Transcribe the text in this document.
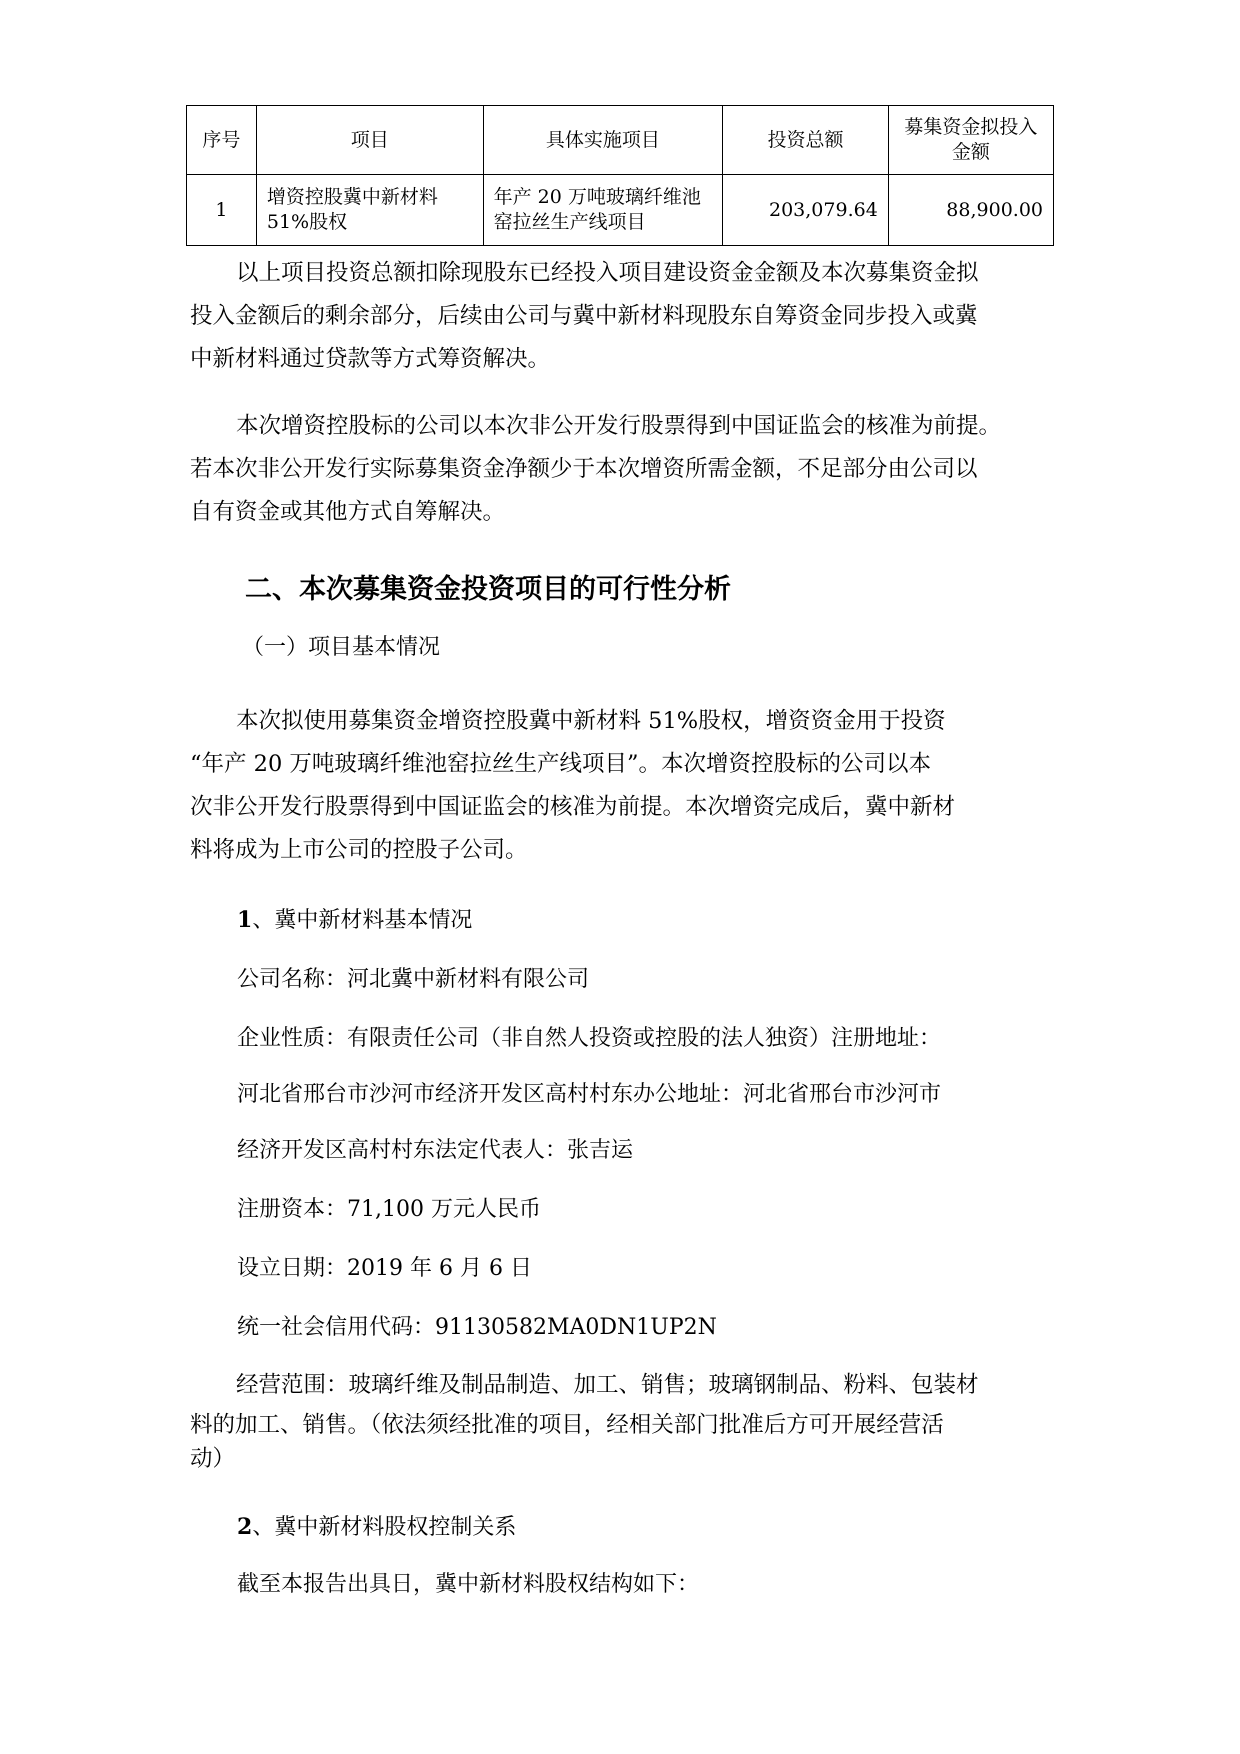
序号	项目	具体实施项目	投资总额	募集资金拟投入金额
1	增资控股冀中新材料51%股权	年产 20 万吨玻璃纤维池窑拉丝生产线项目	203,079.64	88,900.00
以上项目投资总额扣除现股东已经投入项目建设资金金额及本次募集资金拟
投入金额后的剩余部分，后续由公司与冀中新材料现股东自筹资金同步投入或冀
中新材料通过贷款等方式筹资解决。
本次增资控股标的公司以本次非公开发行股票得到中国证监会的核准为前提。
若本次非公开发行实际募集资金净额少于本次增资所需金额，不足部分由公司以
自有资金或其他方式自筹解决。
二、本次募集资金投资项目的可行性分析

（一）项目基本情况

本次拟使用募集资金增资控股冀中新材料 51%股权，增资资金用于投资
“年产 20 万吨玻璃纤维池窑拉丝生产线项目”。本次增资控股标的公司以本
次非公开发行股票得到中国证监会的核准为前提。本次增资完成后，冀中新材
料将成为上市公司的控股子公司。

1、冀中新材料基本情况

公司名称：河北冀中新材料有限公司

企业性质：有限责任公司（非自然人投资或控股的法人独资）注册地址：

河北省邢台市沙河市经济开发区高村村东办公地址：河北省邢台市沙河市

经济开发区高村村东法定代表人：张吉运

注册资本：71,100 万元人民币

设立日期：2019 年 6 月 6 日

统一社会信用代码：91130582MA0DN1UP2N

经营范围：玻璃纤维及制品制造、加工、销售；玻璃钢制品、粉料、包装材
料的加工、销售。（依法须经批准的项目，经相关部门批准后方可开展经营活
动）

2、冀中新材料股权控制关系

截至本报告出具日，冀中新材料股权结构如下：
